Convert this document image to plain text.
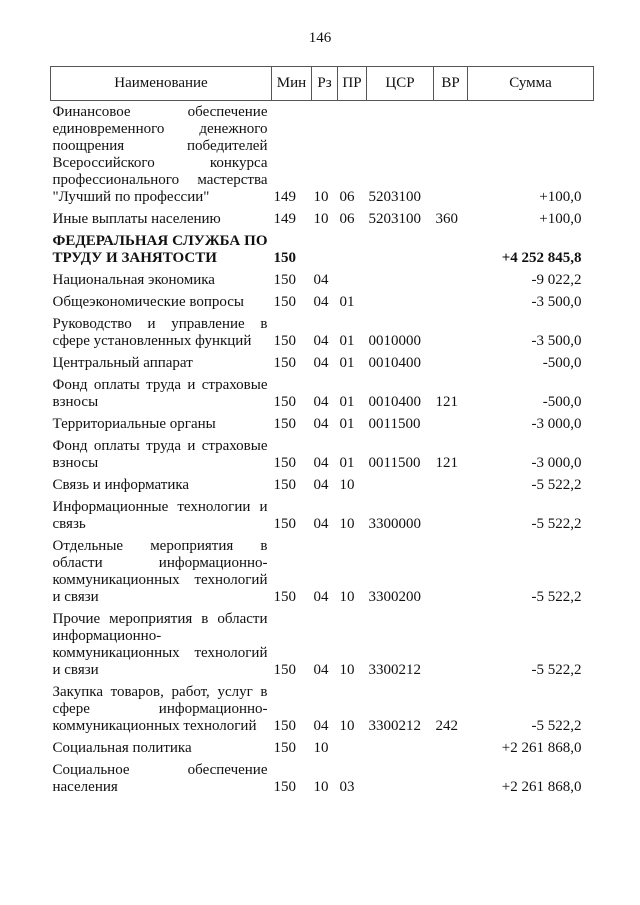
146
Наименование	Мин	Рз	ПР	ЦСР	ВР	Сумма

Финансовое обеспечение
единовременного денежного
поощрения победителей
Всероссийского конкурса
профессионального мастерства
"Лучший по профессии"	149	10	06	5203100		+100,0

Иные выплаты населению	149	10	06	5203100	360	+100,0

ФЕДЕРАЛЬНАЯ СЛУЖБА ПО
ТРУДУ И ЗАНЯТОСТИ	150					+4 252 845,8

Национальная экономика	150	04				-9 022,2

Общеэкономические вопросы	150	04	01			-3 500,0

Руководство и управление в
сфере установленных функций	150	04	01	0010000		-3 500,0

Центральный аппарат	150	04	01	0010400		-500,0

Фонд оплаты труда и страховые
взносы	150	04	01	0010400	121	-500,0

Территориальные органы	150	04	01	0011500		-3 000,0

Фонд оплаты труда и страховые
взносы	150	04	01	0011500	121	-3 000,0

Связь и информатика	150	04	10			-5 522,2

Информационные технологии и
связь	150	04	10	3300000		-5 522,2

Отдельные мероприятия в
области информационно-
коммуникационных технологий
и связи	150	04	10	3300200		-5 522,2

Прочие мероприятия в области
информационно-
коммуникационных технологий
и связи	150	04	10	3300212		-5 522,2

Закупка товаров, работ, услуг в
сфере информационно-
коммуникационных технологий	150	04	10	3300212	242	-5 522,2

Социальная политика	150	10				+2 261 868,0

Социальное обеспечение
населения	150	10	03			+2 261 868,0
